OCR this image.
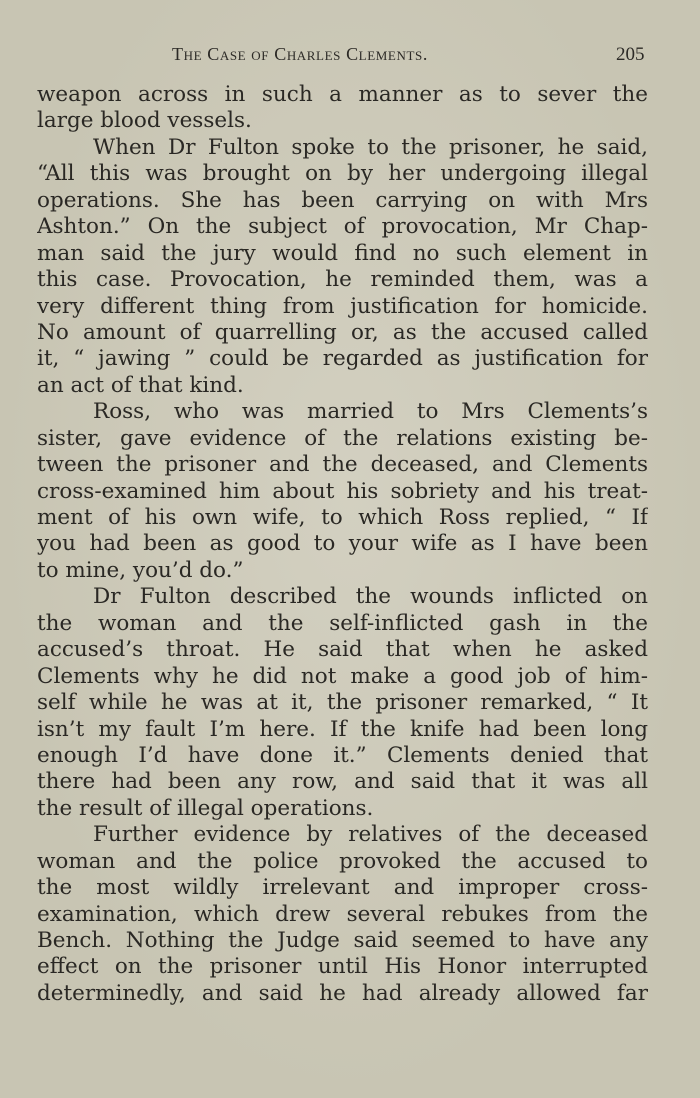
The Case of Charles Clements.	205
weapon across in such a manner as to sever the
large blood vessels.
When Dr Fulton spoke to the prisoner, he said,
“All this was brought on by her undergoing illegal
operations. She has been carrying on with Mrs
Ashton.” On the subject of provocation, Mr Chap-
man said the jury would find no such element in
this case. Provocation, he reminded them, was a
very different thing from justification for homicide.
No amount of quarrelling or, as the accused called
it, “ jawing ” could be regarded as justification for
an act of that kind.
Ross, who was married to Mrs Clements’s
sister, gave evidence of the relations existing be-
tween the prisoner and the deceased, and Clements
cross-examined him about his sobriety and his treat-
ment of his own wife, to which Ross replied, “ If
you had been as good to your wife as I have been
to mine, you’d do.”
Dr Fulton described the wounds inflicted on
the woman and the self-inflicted gash in the
accused’s throat. He said that when he asked
Clements why he did not make a good job of him-
self while he was at it, the prisoner remarked, “ It
isn’t my fault I’m here. If the knife had been long
enough I’d have done it.” Clements denied that
there had been any row, and said that it was all
the result of illegal operations.
Further evidence by relatives of the deceased
woman and the police provoked the accused to
the most wildly irrelevant and improper cross-
examination, which drew several rebukes from the
Bench. Nothing the Judge said seemed to have any
effect on the prisoner until His Honor interrupted
determinedly, and said he had already allowed far
